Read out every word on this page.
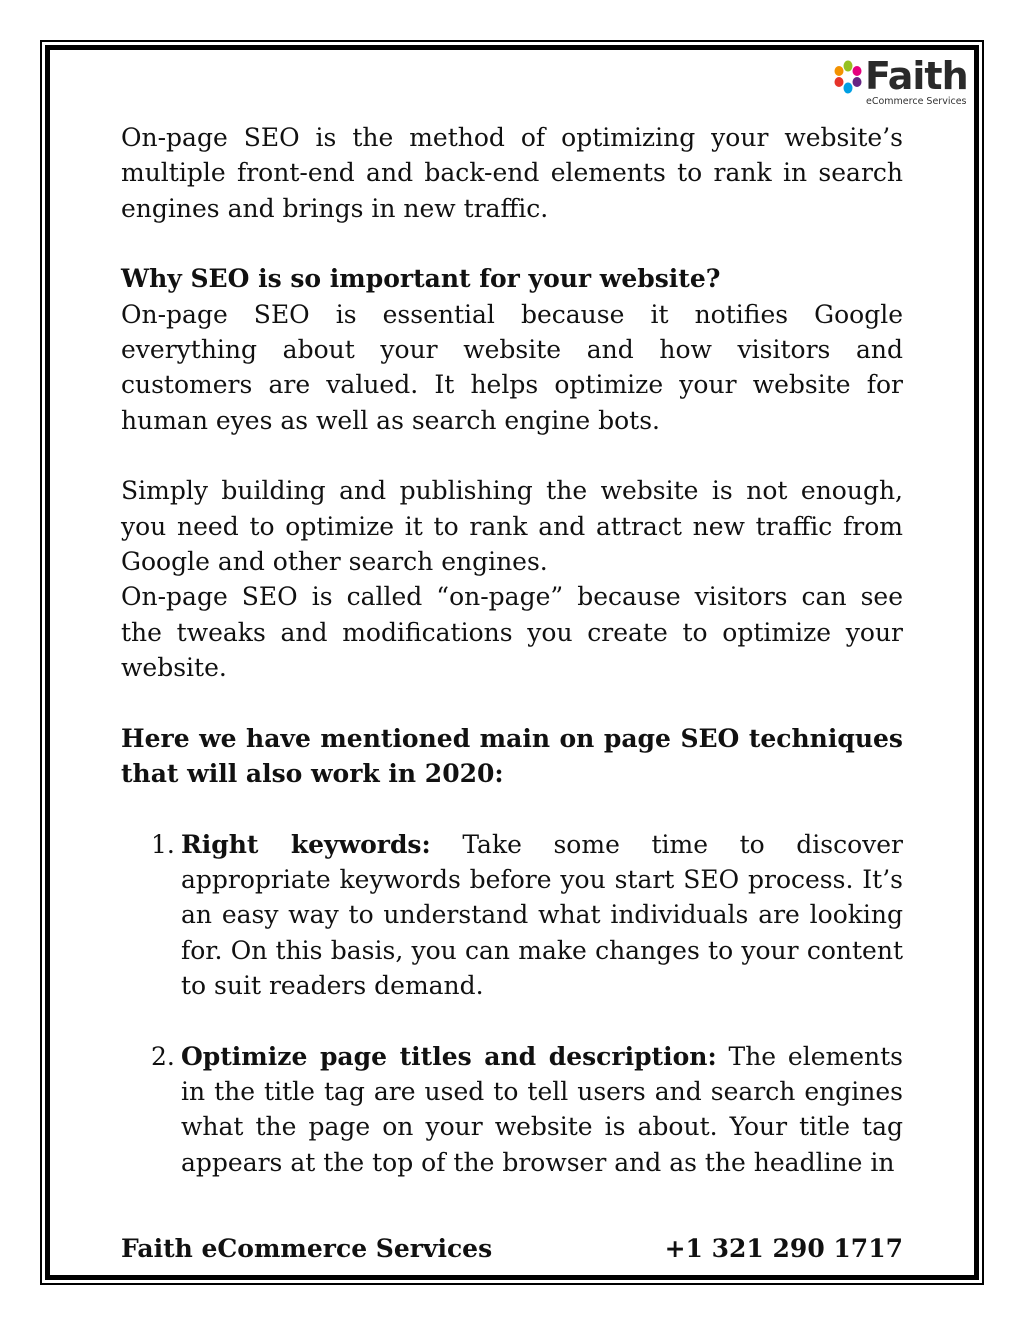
Faith
eCommerce Services

On-page SEO is the method of optimizing your website’s multiple front-end and back-end elements to rank in search engines and brings in new traffic.

Why SEO is so important for your website?

On-page SEO is essential because it notifies Google everything about your website and how visitors and customers are valued. It helps optimize your website for human eyes as well as search engine bots.

Simply building and publishing the website is not enough, you need to optimize it to rank and attract new traffic from Google and other search engines.

On-page SEO is called “on-page” because visitors can see the tweaks and modifications you create to optimize your website.

Here we have mentioned main on page SEO techniques that will also work in 2020:

1. Right keywords: Take some time to discover appropriate keywords before you start SEO process. It’s an easy way to understand what individuals are looking for. On this basis, you can make changes to your content to suit readers demand.

2. Optimize page titles and description: The elements in the title tag are used to tell users and search engines what the page on your website is about. Your title tag appears at the top of the browser and as the headline in

Faith eCommerce Services	+1 321 290 1717
